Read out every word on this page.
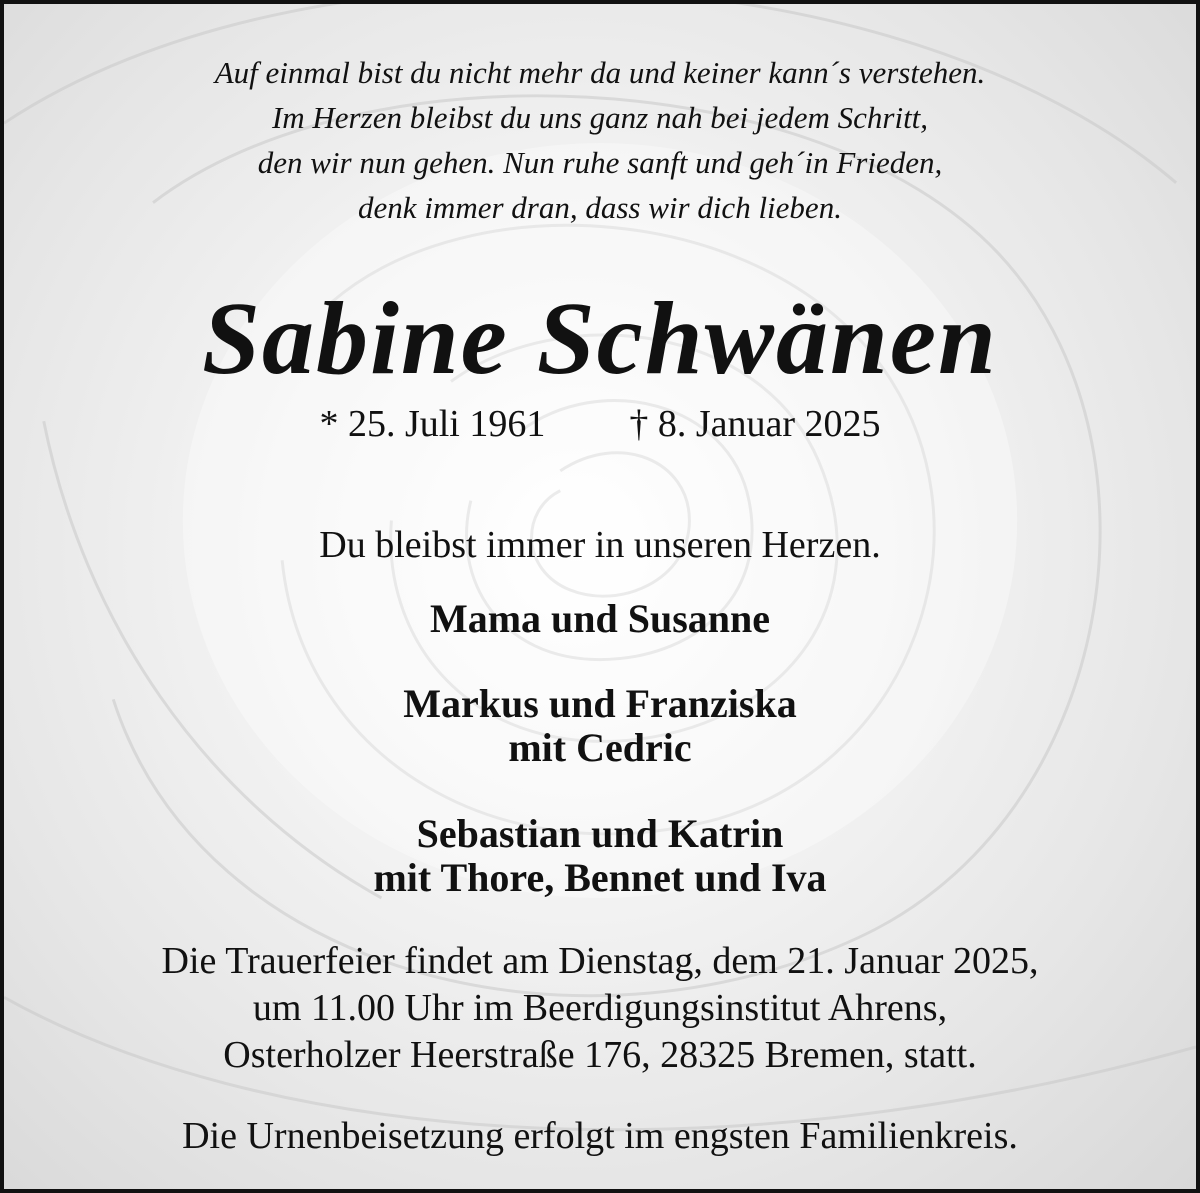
Auf einmal bist du nicht mehr da und keiner kann´s verstehen.
Im Herzen bleibst du uns ganz nah bei jedem Schritt,
den wir nun gehen. Nun ruhe sanft und geh´in Frieden,
denk immer dran, dass wir dich lieben.
Sabine Schwänen
* 25. Juli 1961 † 8. Januar 2025
Du bleibst immer in unseren Herzen.
Mama und Susanne
Markus und Franziska
mit Cedric
Sebastian und Katrin
mit Thore, Bennet und Iva
Die Trauerfeier findet am Dienstag, dem 21. Januar 2025,
um 11.00 Uhr im Beerdigungsinstitut Ahrens,
Osterholzer Heerstraße 176, 28325 Bremen, statt.
Die Urnenbeisetzung erfolgt im engsten Familienkreis.
